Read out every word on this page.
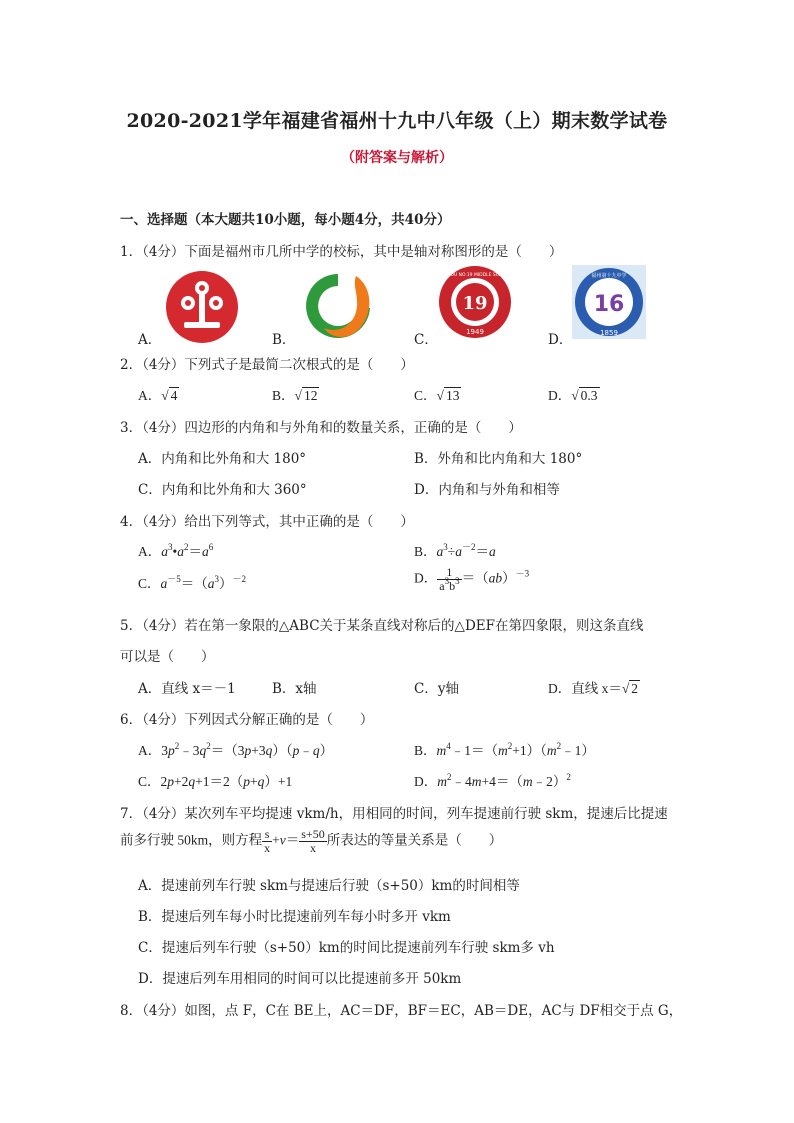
2020-2021学年福建省福州十九中八年级（上）期末数学试卷
（附答案与解析）
一、选择题（本大题共10小题，每小题4分，共40分）
1．（4分）下面是福州市几所中学的校标，其中是轴对称图形的是（　　）
A．	B．	C．
19
1949
FUZHOU NO.19 MIDDLE SCHOOL
D．
16
1859
福州第十九中学
2．（4分）下列式子是最简二次根式的是（　　）
A．√ 4	B．√ 12	C．√ 13	D．√ 0.3
3．（4分）四边形的内角和与外角和的数量关系，正确的是（　　）
A．内角和比外角和大 180°	B．外角和比内角和大 180°
C．内角和比外角和大 360°	D．内角和与外角和相等
4．（4分）给出下列等式，其中正确的是（　　）
A．$a^3•a^2=a^6$	B．$a^3\div a^{-2}=a$
C．$a^{-5}=(a^3)^{-2}$	D． $\frac{1}{a^3b^3} =(ab)^{-3}$
5．（4分）若在第一象限的△ABC关于某条直线对称后的△DEF在第四象限，则这条直线
可以是（　　）
A．直线 x＝－1	B．x轴	C．y轴	D．直线 x＝√ 2
6．（4分）下列因式分解正确的是（　　）
A．$3p^2﹣3q^2=(3p+3q)(p﹣q)$	B．$m^4﹣1=(m^2+1)(m^2﹣1)$
C．2p+2q+1＝2（p+q）+1	D．$m^2﹣4m+4=(m﹣2)^2$
7．（4分）某次列车平均提速 vkm/h，用相同的时间，列车提速前行驶 skm，提速后比提速
前多行驶 50km，则方程 $\frac{s}{x} +v= \frac{s+50}{x}$ 所表达的等量关系是（　　）
A．提速前列车行驶 skm与提速后行驶（s+50）km的时间相等
B．提速后列车每小时比提速前列车每小时多开 vkm
C．提速后列车行驶（s+50）km的时间比提速前列车行驶 skm多 vh
D．提速后列车用相同的时间可以比提速前多开 50km
8．（4分）如图，点 F，C在 BE上，AC＝DF，BF＝EC，AB＝DE，AC与 DF相交于点 G，
